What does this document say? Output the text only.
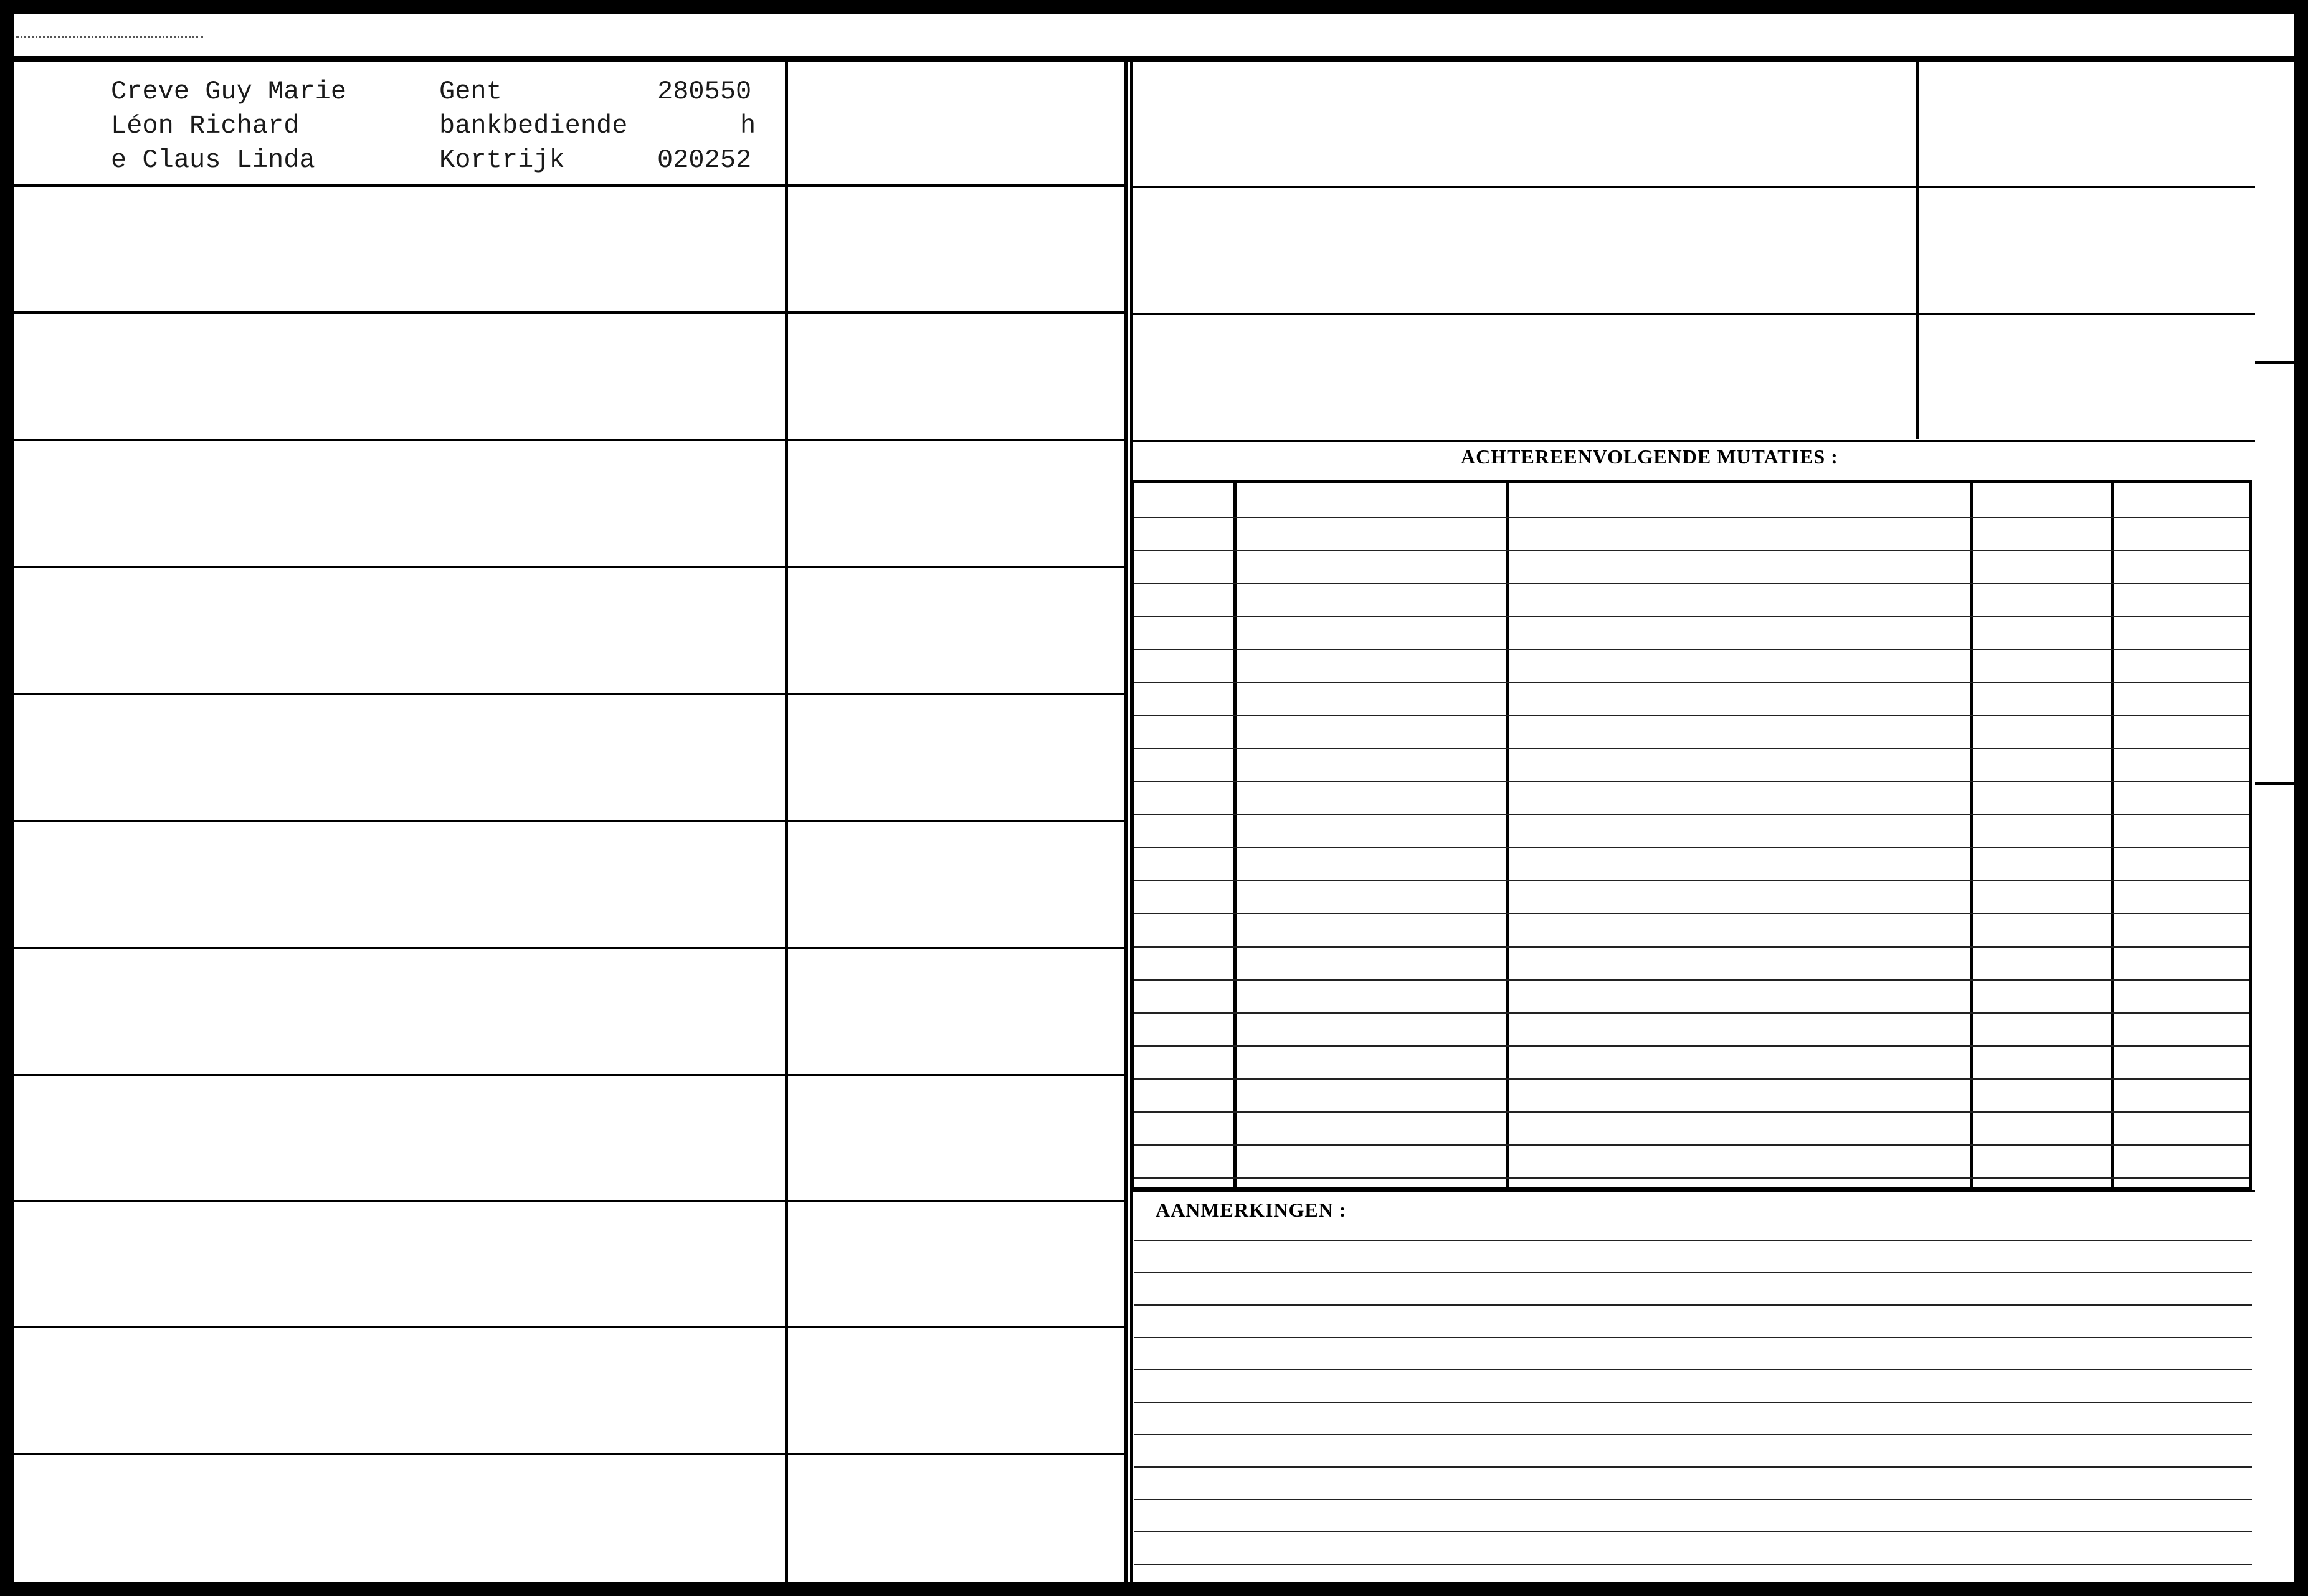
Creve Guy Marie
Léon Richard
e Claus Linda
Gent
bankbediende
Kortrijk
280550
h
020252
ACHTEREENVOLGENDE MUTATIES :
AANMERKINGEN :
